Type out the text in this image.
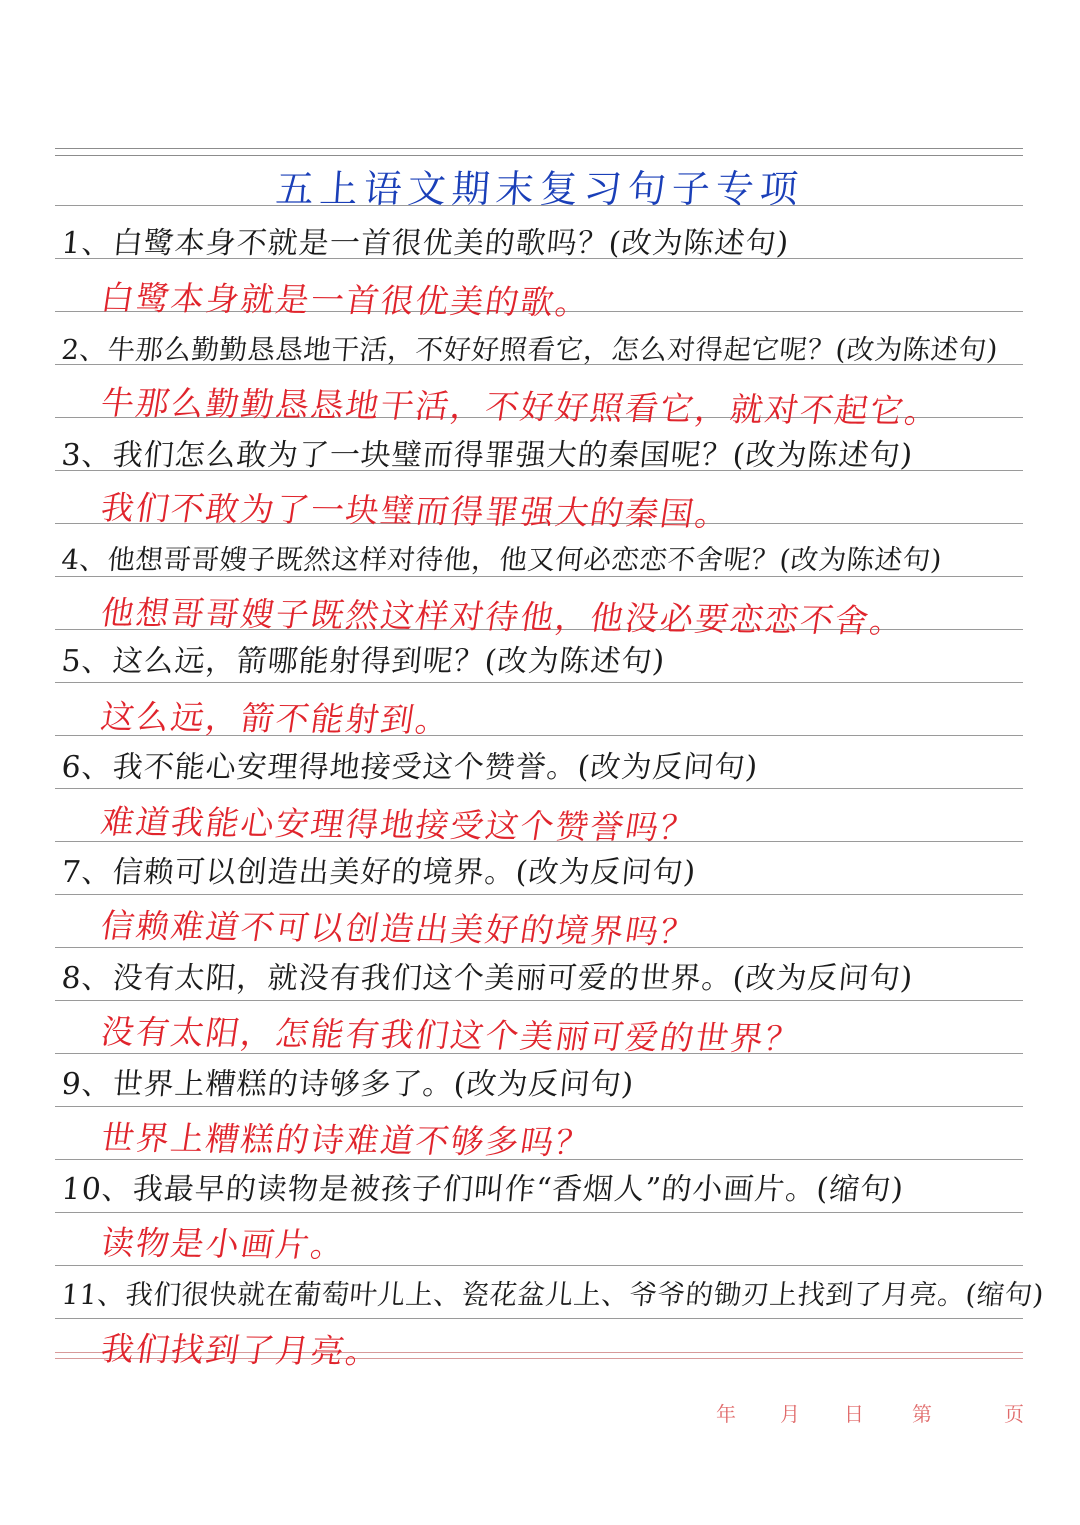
五上语文期末复习句子专项
1、白鹭本身不就是一首很优美的歌吗？(改为陈述句)
白鹭本身就是一首很优美的歌。
2、牛那么勤勤恳恳地干活，不好好照看它，怎么对得起它呢？(改为陈述句)
牛那么勤勤恳恳地干活，不好好照看它，就对不起它。
3、我们怎么敢为了一块璧而得罪强大的秦国呢？(改为陈述句)
我们不敢为了一块璧而得罪强大的秦国。
4、他想哥哥嫂子既然这样对待他，他又何必恋恋不舍呢？(改为陈述句)
他想哥哥嫂子既然这样对待他，他没必要恋恋不舍。
5、这么远，箭哪能射得到呢？(改为陈述句)
这么远，箭不能射到。
6、我不能心安理得地接受这个赞誉。(改为反问句)
难道我能心安理得地接受这个赞誉吗？
7、信赖可以创造出美好的境界。(改为反问句)
信赖难道不可以创造出美好的境界吗？
8、没有太阳，就没有我们这个美丽可爱的世界。(改为反问句)
没有太阳，怎能有我们这个美丽可爱的世界？
9、世界上糟糕的诗够多了。(改为反问句)
世界上糟糕的诗难道不够多吗？
10、我最早的读物是被孩子们叫作“香烟人”的小画片。(缩句)
读物是小画片。
11、我们很快就在葡萄叶儿上、瓷花盆儿上、爷爷的锄刃上找到了月亮。(缩句)
我们找到了月亮。
年 月 日 第	页
